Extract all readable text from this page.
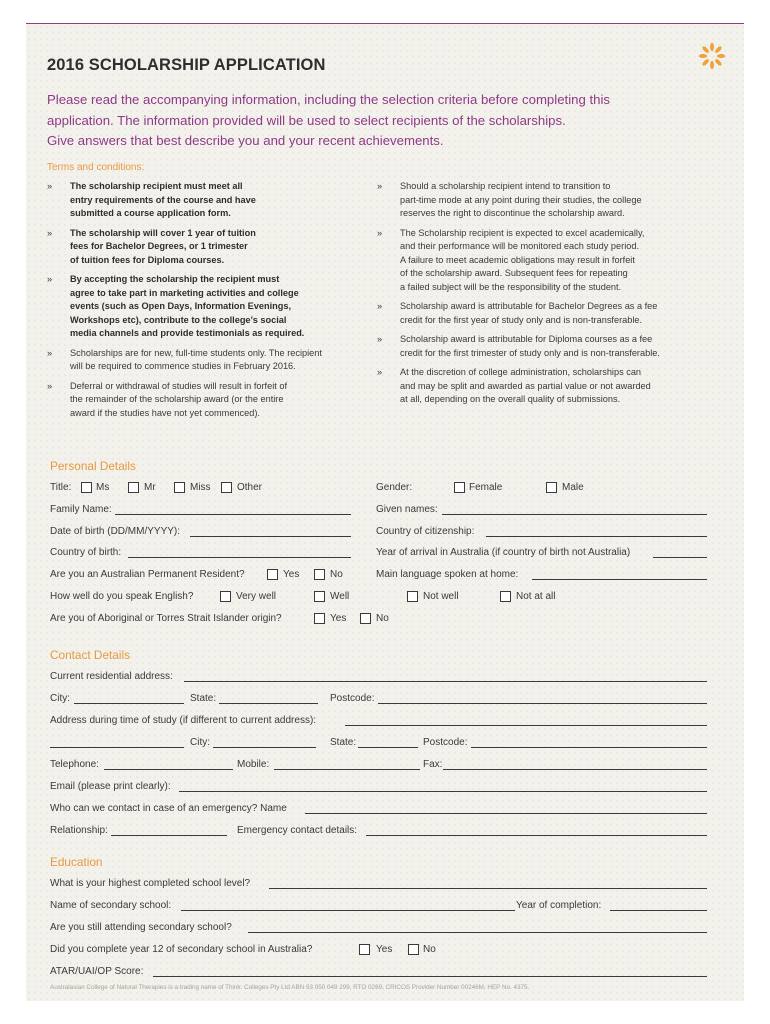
2016 SCHOLARSHIP APPLICATION
Please read the accompanying information, including the selection criteria before completing this
application. The information provided will be used to select recipients of the scholarships.
Give answers that best describe you and your recent achievements.
Terms and conditions:
» The scholarship recipient must meet all
entry requirements of the course and have
submitted a course application form.
» The scholarship will cover 1 year of tuition
fees for Bachelor Degrees, or 1 trimester
of tuition fees for Diploma courses.
» By accepting the scholarship the recipient must
agree to take part in marketing activities and college
events (such as Open Days, Information Evenings,
Workshops etc), contribute to the college’s social
media channels and provide testimonials as required.
» Scholarships are for new, full-time students only. The recipient
will be required to commence studies in February 2016.
» Deferral or withdrawal of studies will result in forfeit of
the remainder of the scholarship award (or the entire
award if the studies have not yet commenced).
» Should a scholarship recipient intend to transition to
part-time mode at any point during their studies, the college
reserves the right to discontinue the scholarship award.
» The Scholarship recipient is expected to excel academically,
and their performance will be monitored each study period.
A failure to meet academic obligations may result in forfeit
of the scholarship award. Subsequent fees for repeating
a failed subject will be the responsibility of the student.
» Scholarship award is attributable for Bachelor Degrees as a fee
credit for the first year of study only and is non-transferable.
» Scholarship award is attributable for Diploma courses as a fee
credit for the first trimester of study only and is non-transferable.
» At the discretion of college administration, scholarships can
and may be split and awarded as partial value or not awarded
at all, depending on the overall quality of submissions.
Personal Details
Title: Ms	Mr	Miss	Other	Gender:	Female	Male
Family Name:	Given names:
Date of birth (DD/MM/YYYY):	Country of citizenship:
Country of birth:	Year of arrival in Australia (if country of birth not Australia)
Are you an Australian Permanent Resident?	Yes	No	Main language spoken at home:
How well do you speak English?	Very well	Well	Not well	Not at all
Are you of Aboriginal or Torres Strait Islander origin?	Yes	No
Contact Details
Current residential address:
City:	State:	Postcode:
Address during time of study (if different to current address):
City:	State:	Postcode:
Telephone:	Mobile:	Fax:
Email (please print clearly):
Who can we contact in case of an emergency? Name
Relationship:	Emergency contact details:
Education
What is your highest completed school level?
Name of secondary school:	Year of completion:
Are you still attending secondary school?
Did you complete year 12 of secondary school in Australia?	Yes	No
ATAR/UAI/OP Score:
Australasian College of Natural Therapies is a trading name of Think: Colleges Pty Ltd ABN 93 050 049 299, RTO 0269, CRICOS Provider Number 00246M, HEP No. 4375.
